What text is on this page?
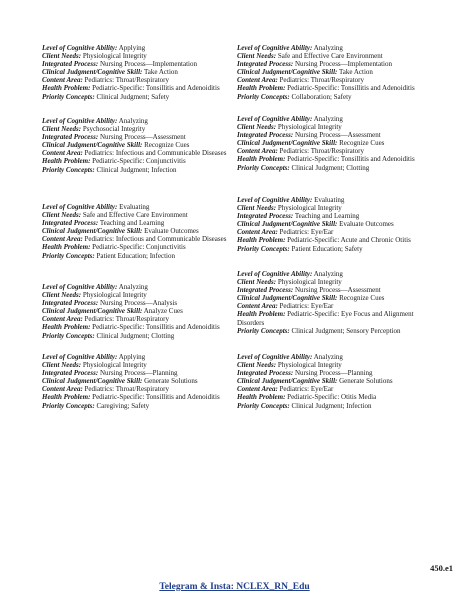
Level of Cognitive Ability: Applying
Client Needs: Physiological Integrity
Integrated Process: Nursing Process—Implementation
Clinical Judgment/Cognitive Skill: Take Action
Content Area: Pediatrics: Throat/Respiratory
Health Problem: Pediatric-Specific: Tonsillitis and Adenoiditis
Priority Concepts: Clinical Judgment; Safety
Level of Cognitive Ability: Analyzing
Client Needs: Psychosocial Integrity
Integrated Process: Nursing Process—Assessment
Clinical Judgment/Cognitive Skill: Recognize Cues
Content Area: Pediatrics: Infectious and Communicable Diseases
Health Problem: Pediatric-Specific: Conjunctivitis
Priority Concepts: Clinical Judgment; Infection
Level of Cognitive Ability: Evaluating
Client Needs: Safe and Effective Care Environment
Integrated Process: Teaching and Learning
Clinical Judgment/Cognitive Skill: Evaluate Outcomes
Content Area: Pediatrics: Infectious and Communicable Diseases
Health Problem: Pediatric-Specific: Conjunctivitis
Priority Concepts: Patient Education; Infection
Level of Cognitive Ability: Analyzing
Client Needs: Physiological Integrity
Integrated Process: Nursing Process—Analysis
Clinical Judgment/Cognitive Skill: Analyze Cues
Content Area: Pediatrics: Throat/Respiratory
Health Problem: Pediatric-Specific: Tonsillitis and Adenoiditis
Priority Concepts: Clinical Judgment; Clotting
Level of Cognitive Ability: Applying
Client Needs: Physiological Integrity
Integrated Process: Nursing Process—Planning
Clinical Judgment/Cognitive Skill: Generate Solutions
Content Area: Pediatrics: Throat/Respiratory
Health Problem: Pediatric-Specific: Tonsillitis and Adenoiditis
Priority Concepts: Caregiving; Safety
Level of Cognitive Ability: Analyzing
Client Needs: Safe and Effective Care Environment
Integrated Process: Nursing Process—Implementation
Clinical Judgment/Cognitive Skill: Take Action
Content Area: Pediatrics: Throat/Respiratory
Health Problem: Pediatric-Specific: Tonsillitis and Adenoiditis
Priority Concepts: Collaboration; Safety
Level of Cognitive Ability: Analyzing
Client Needs: Physiological Integrity
Integrated Process: Nursing Process—Assessment
Clinical Judgment/Cognitive Skill: Recognize Cues
Content Area: Pediatrics: Throat/Respiratory
Health Problem: Pediatric-Specific: Tonsillitis and Adenoiditis
Priority Concepts: Clinical Judgment; Clotting
Level of Cognitive Ability: Evaluating
Client Needs: Physiological Integrity
Integrated Process: Teaching and Learning
Clinical Judgment/Cognitive Skill: Evaluate Outcomes
Content Area: Pediatrics: Eye/Ear
Health Problem: Pediatric-Specific: Acute and Chronic Otitis
Priority Concepts: Patient Education; Safety
Level of Cognitive Ability: Analyzing
Client Needs: Physiological Integrity
Integrated Process: Nursing Process—Assessment
Clinical Judgment/Cognitive Skill: Recognize Cues
Content Area: Pediatrics: Eye/Ear
Health Problem: Pediatric-Specific: Eye Focus and Alignment Disorders
Priority Concepts: Clinical Judgment; Sensory Perception
Level of Cognitive Ability: Analyzing
Client Needs: Physiological Integrity
Integrated Process: Nursing Process—Planning
Clinical Judgment/Cognitive Skill: Generate Solutions
Content Area: Pediatrics: Eye/Ear
Health Problem: Pediatric-Specific: Otitis Media
Priority Concepts: Clinical Judgment; Infection
450.e1
Telegram & Insta: NCLEX_RN_Edu
